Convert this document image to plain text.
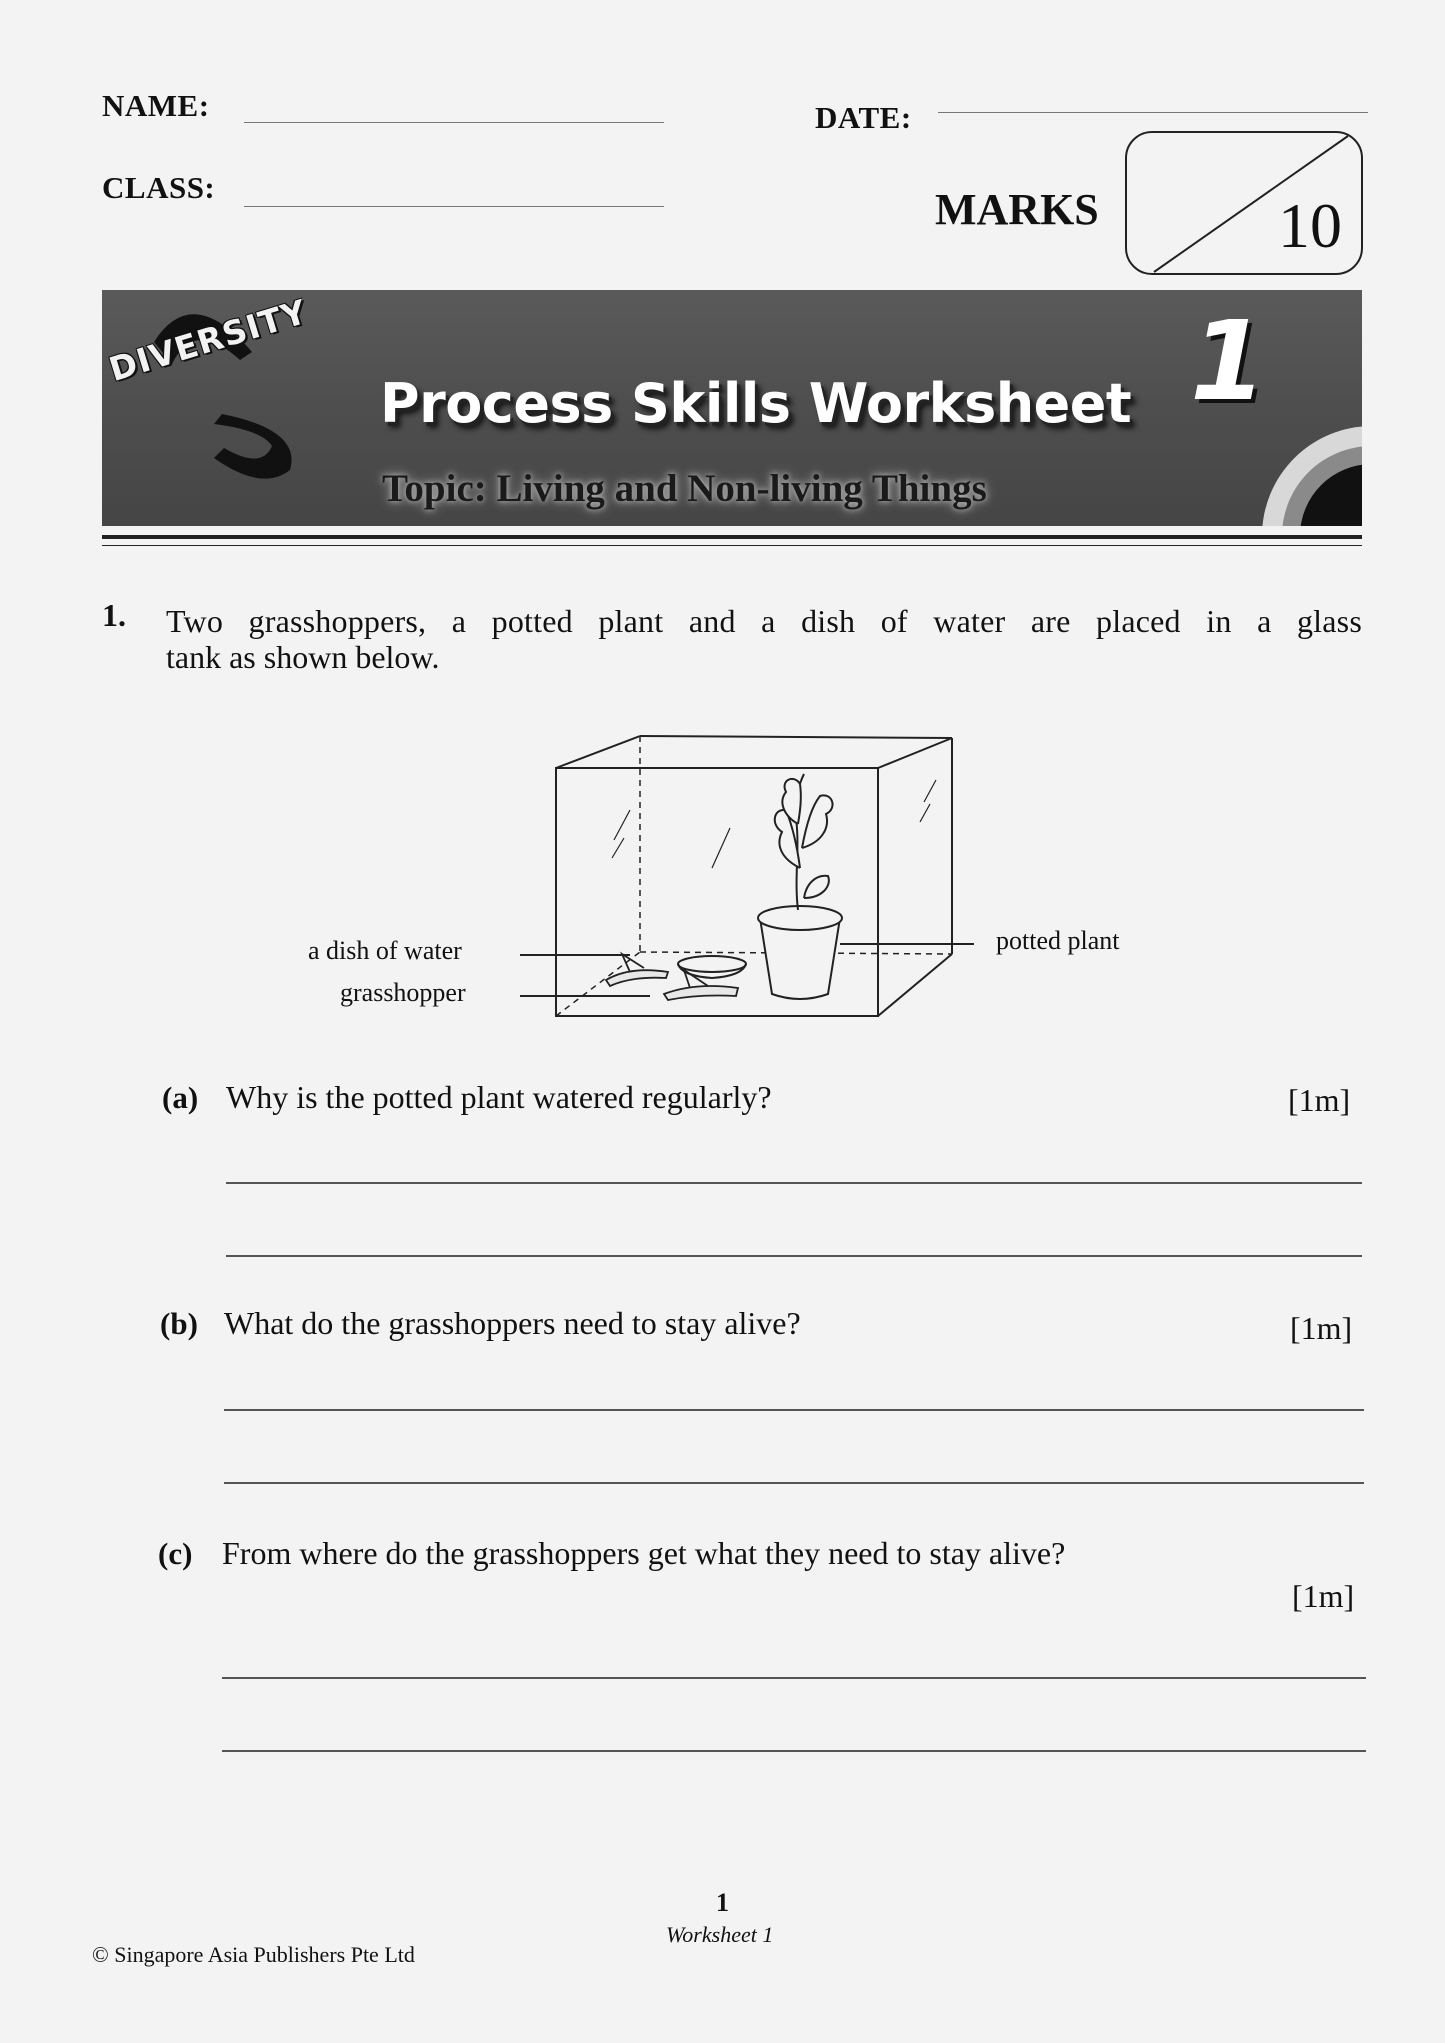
NAME:	DATE:
CLASS:	MARKS	10
DIVERSITY
Process Skills Worksheet
Topic: Living and Non-living Things
1
1. Two grasshoppers, a potted plant and a dish of water are placed in a glass
tank as shown below.
a dish of water
grasshopper
potted plant
(a) Why is the potted plant watered regularly?	[1m]
(b) What do the grasshoppers need to stay alive?	[1m]
(c) From where do the grasshoppers get what they need to stay alive?
[1m]
1
Worksheet 1
© Singapore Asia Publishers Pte Ltd
